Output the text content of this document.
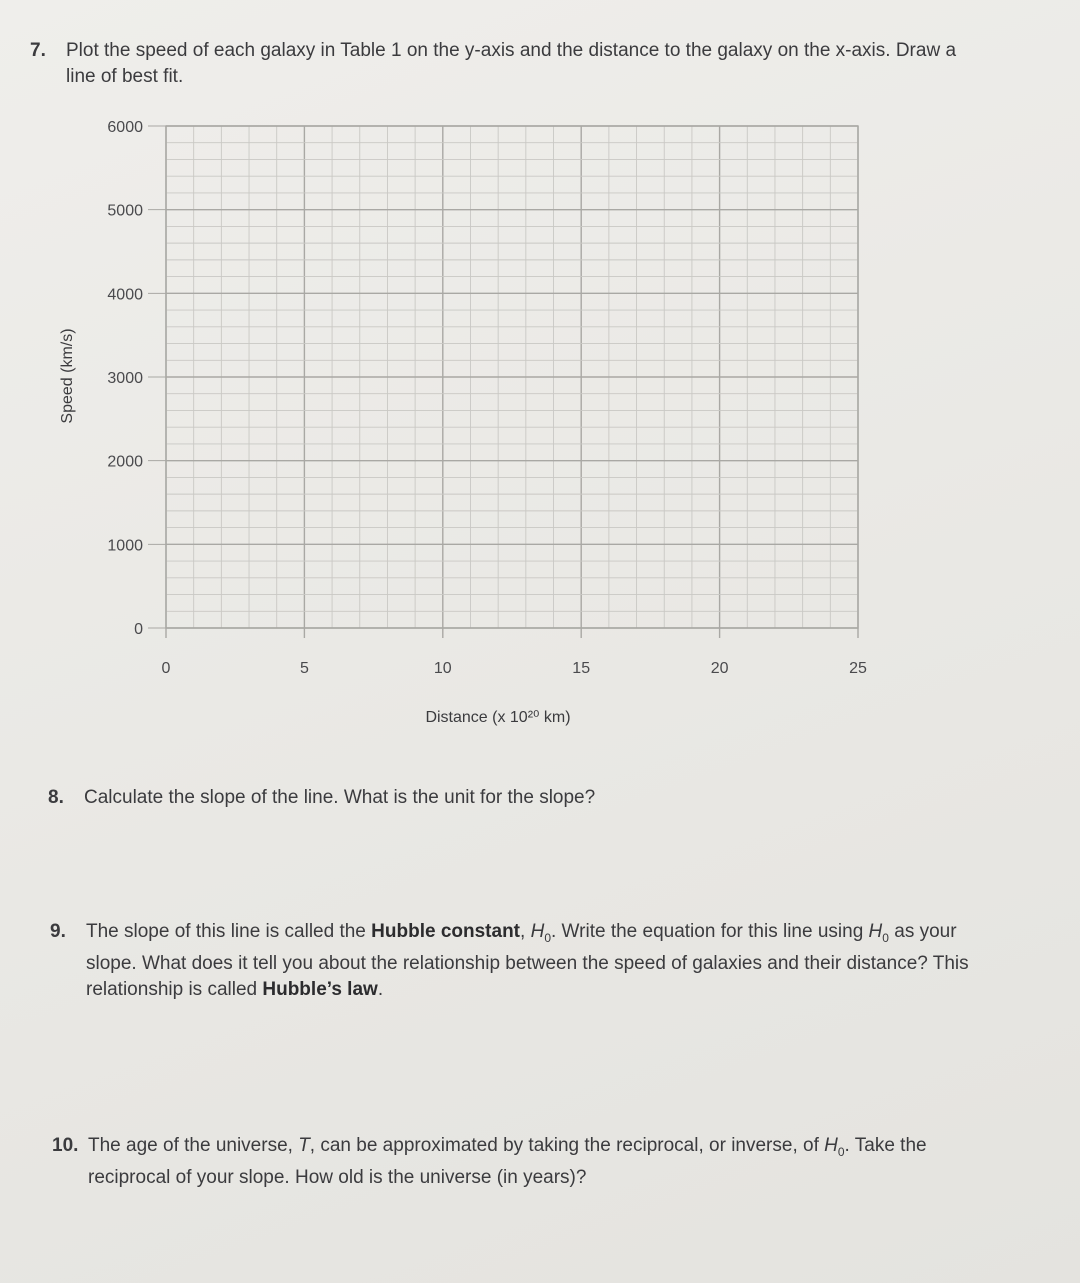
7. Plot the speed of each galaxy in Table 1 on the y-axis and the distance to the galaxy on the x-axis. Draw a
line of best fit.
0	5	10	15	20	25
0
1000
2000
3000
4000
5000
6000
Distance (x 10²⁰ km)
Speed (km/s)
8. Calculate the slope of the line. What is the unit for the slope?
9. The slope of this line is called the Hubble constant, $H_0$. Write the equation for this line using $H_0$ as your
slope. What does it tell you about the relationship between the speed of galaxies and their distance? This
relationship is called Hubble’s law.
10. The age of the universe, T, can be approximated by taking the reciprocal, or inverse, of $H_0$. Take the
reciprocal of your slope. How old is the universe (in years)?
